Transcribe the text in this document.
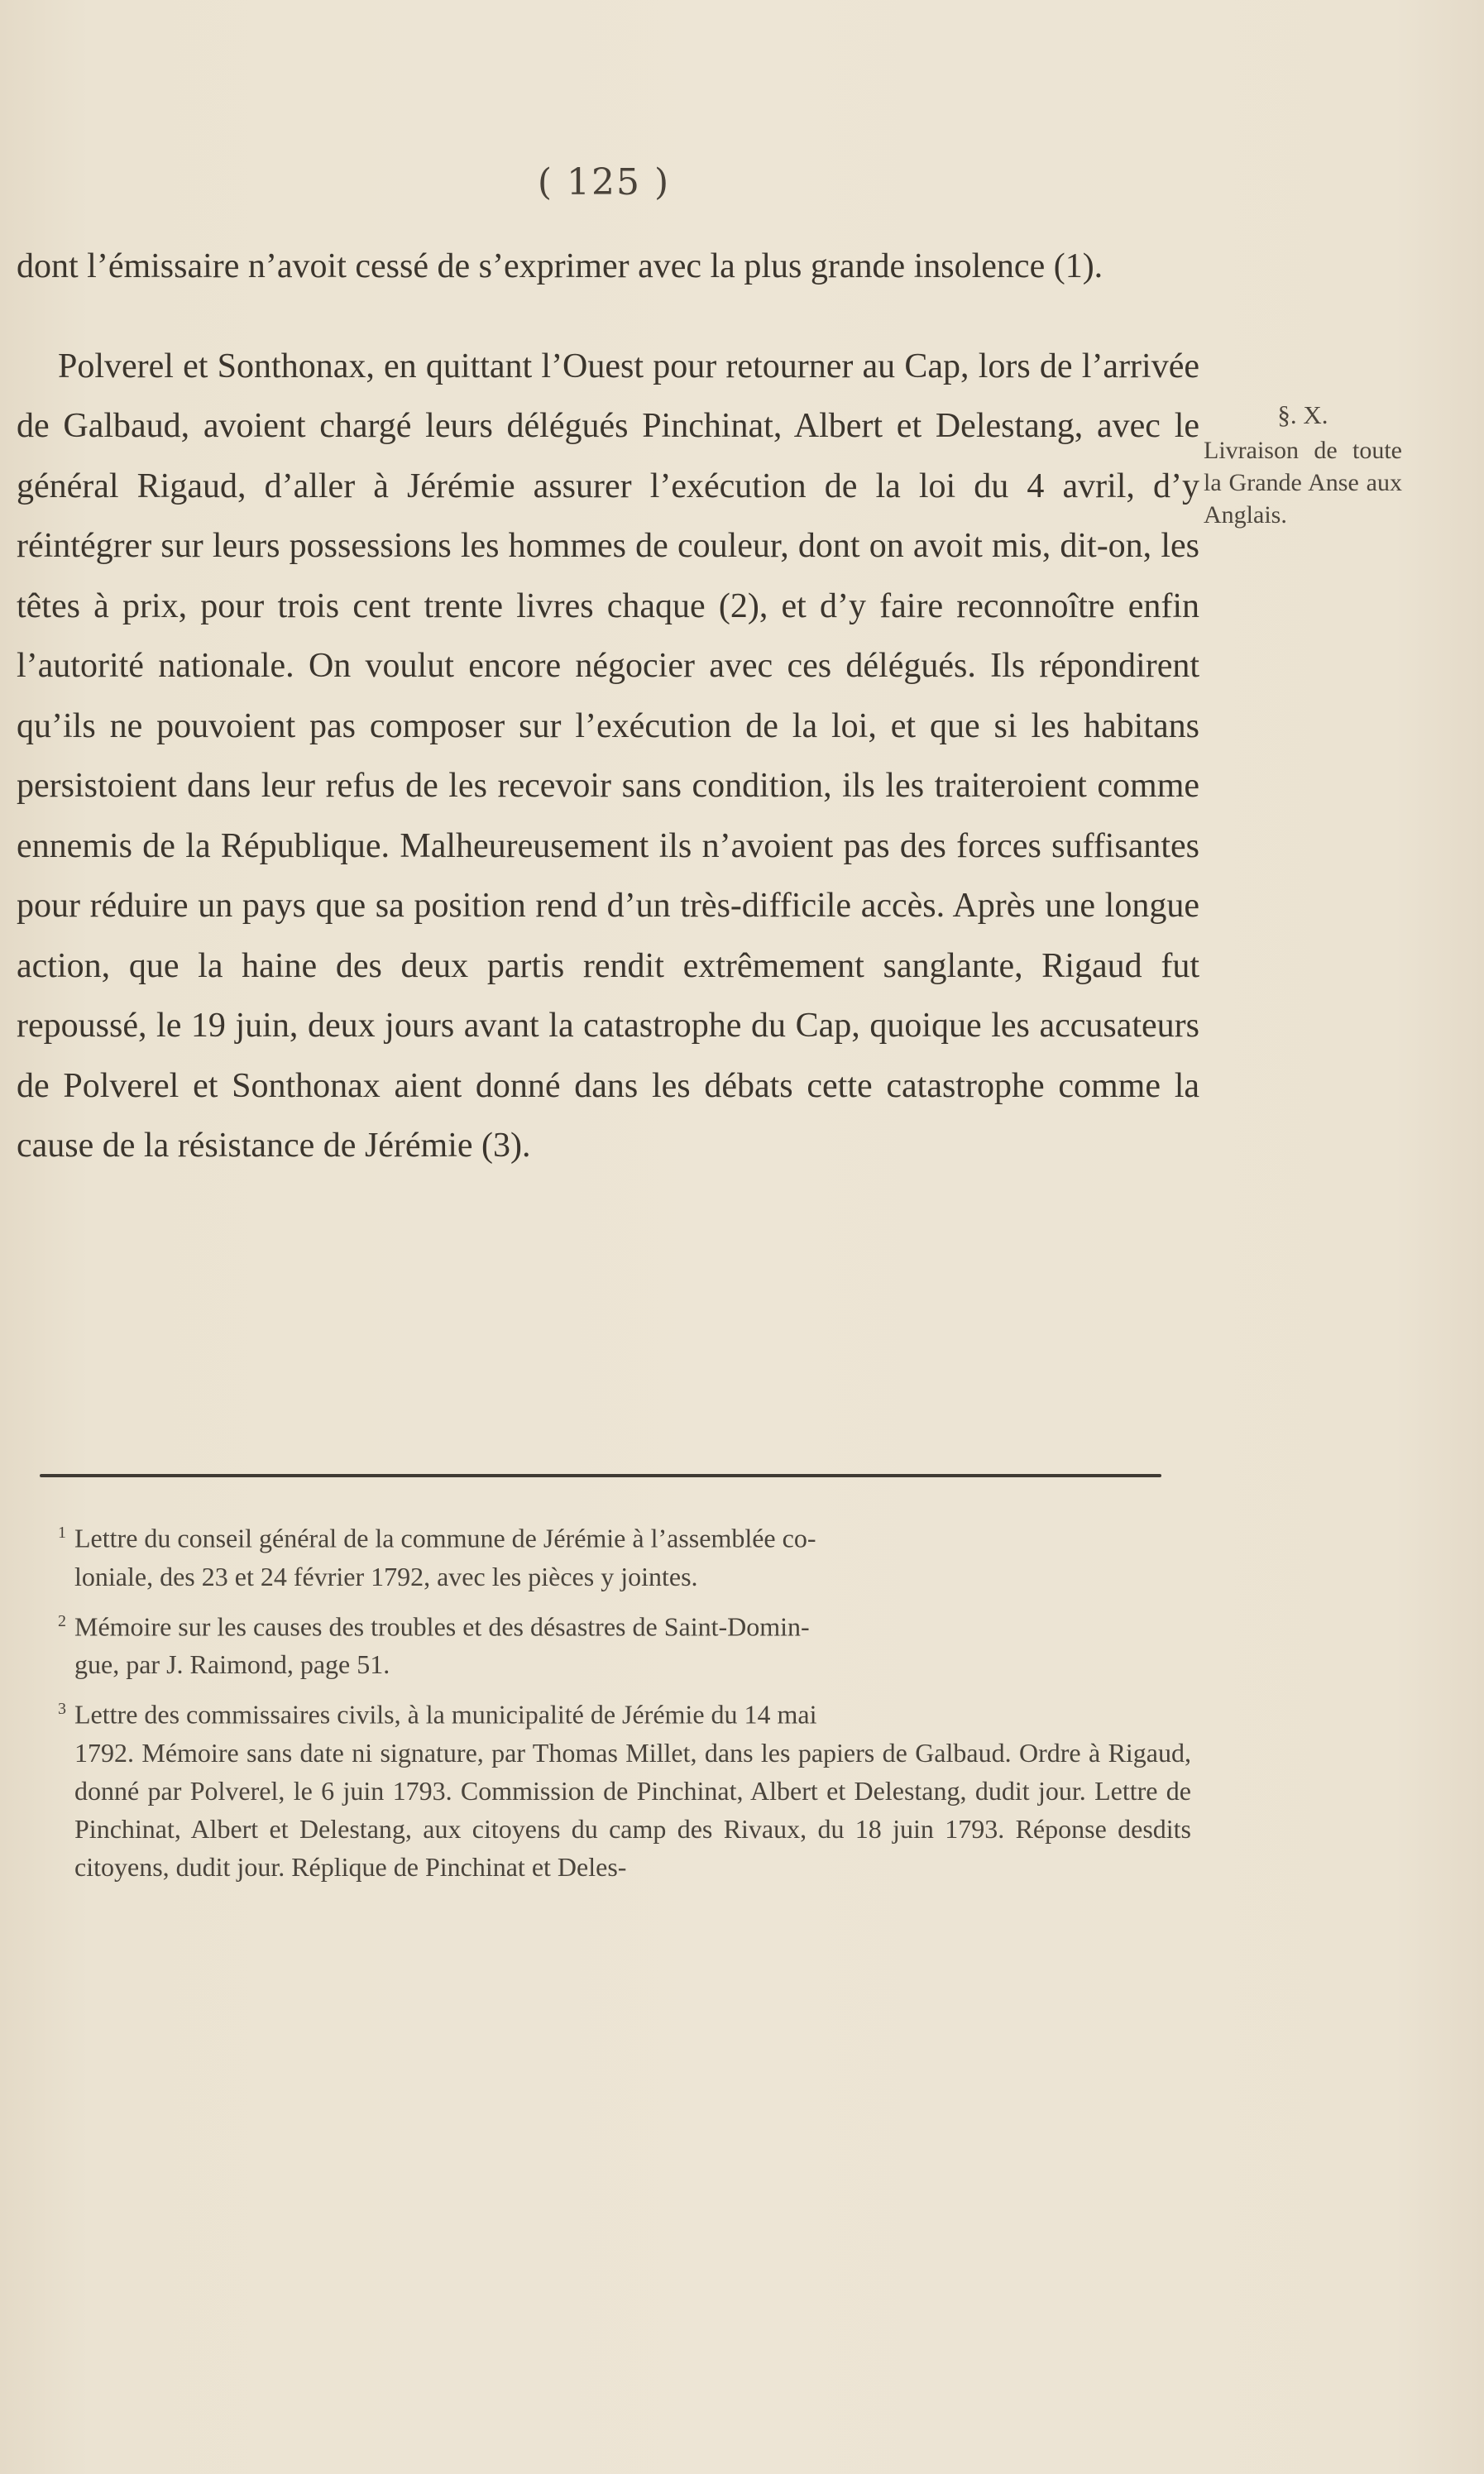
( 125 )

dont l’émissaire n’avoit cessé de s’exprimer avec la plus grande insolence (1).

Polverel et Sonthonax, en quittant l’Ouest pour retourner au Cap, lors de l’arrivée de Galbaud, avoient chargé leurs délégués Pinchinat, Albert et Delestang, avec le général Rigaud, d’aller à Jérémie assurer l’exécution de la loi du 4 avril, d’y réintégrer sur leurs possessions les hommes de couleur, dont on avoit mis, dit-on, les têtes à prix, pour trois cent trente livres chaque (2), et d’y faire reconnoître enfin l’autorité nationale. On voulut encore négocier avec ces délégués. Ils répondirent qu’ils ne pouvoient pas composer sur l’exécution de la loi, et que si les habitans persistoient dans leur refus de les recevoir sans condition, ils les traiteroient comme ennemis de la République. Malheureusement ils n’avoient pas des forces suffisantes pour réduire un pays que sa position rend d’un très-difficile accès. Après une longue action, que la haine des deux partis rendit extrêmement sanglante, Rigaud fut repoussé, le 19 juin, deux jours avant la catastrophe du Cap, quoique les accusateurs de Polverel et Sonthonax aient donné dans les débats cette catastrophe comme la cause de la résistance de Jérémie (3).

§. X.
Livraison de toute la Grande Anse aux Anglais.
$^1$ Lettre du conseil général de la commune de Jérémie à l’assemblée co-
loniale, des 23 et 24 février 1792, avec les pièces y jointes.
$^2$ Mémoire sur les causes des troubles et des désastres de Saint-Domin-
gue, par J. Raimond, page 51.
$^3$ Lettre des commissaires civils, à la municipalité de Jérémie du 14 mai
1792. Mémoire sans date ni signature, par Thomas Millet, dans les papiers de Galbaud. Ordre à Rigaud, donné par Polverel, le 6 juin 1793. Commission de Pinchinat, Albert et Delestang, dudit jour. Lettre de Pinchinat, Albert et Delestang, aux citoyens du camp des Rivaux, du 18 juin 1793. Réponse desdits citoyens, dudit jour. Réplique de Pinchinat et Deles-
